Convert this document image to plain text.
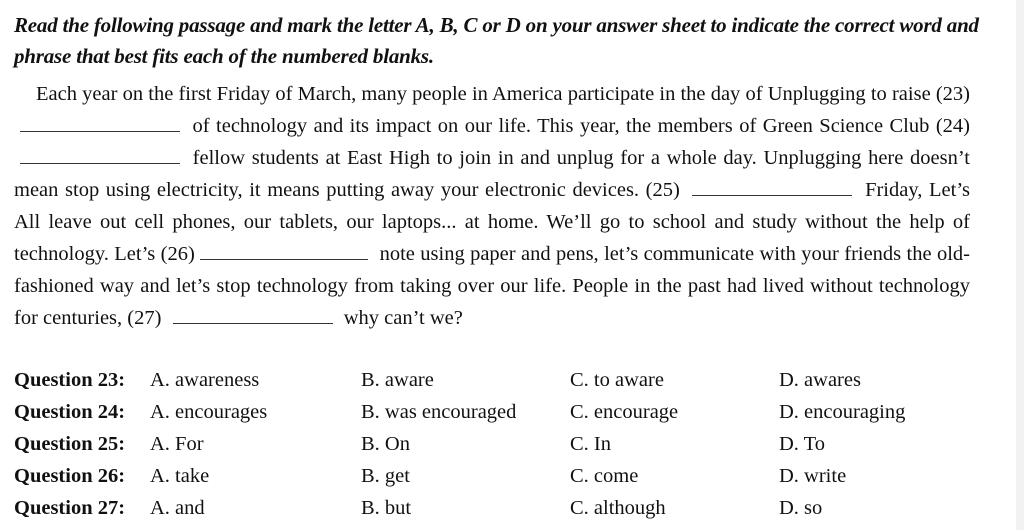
Read the following passage and mark the letter A, B, C or D on your answer sheet to indicate the correct word and phrase that best fits each of the numbered blanks.

Each year on the first Friday of March, many people in America participate in the day of Unplugging to raise (23)  of technology and its impact on our life. This year, the members of Green Science Club (24)  fellow students at East High to join in and unplug for a whole day. Unplugging here doesn’t mean stop using electricity, it means putting away your electronic devices. (25)	Friday, Let’s All leave out cell phones, our tablets, our laptops... at home. We’ll go to school and study without the help of technology. Let’s (26)	note using paper and pens, let’s communicate with your friends the old-fashioned way and let’s stop technology from taking over our life. People in the past had lived without technology for centuries, (27)	why can’t we?

Question 23: A. awareness	B. aware	C. to aware	D. awares
Question 24: A. encourages	B. was encouraged	C. encourage	D. encouraging
Question 25: A. For	B. On	C. In	D. To
Question 26: A. take	B. get	C. come	D. write
Question 27: A. and	B. but	C. although	D. so
